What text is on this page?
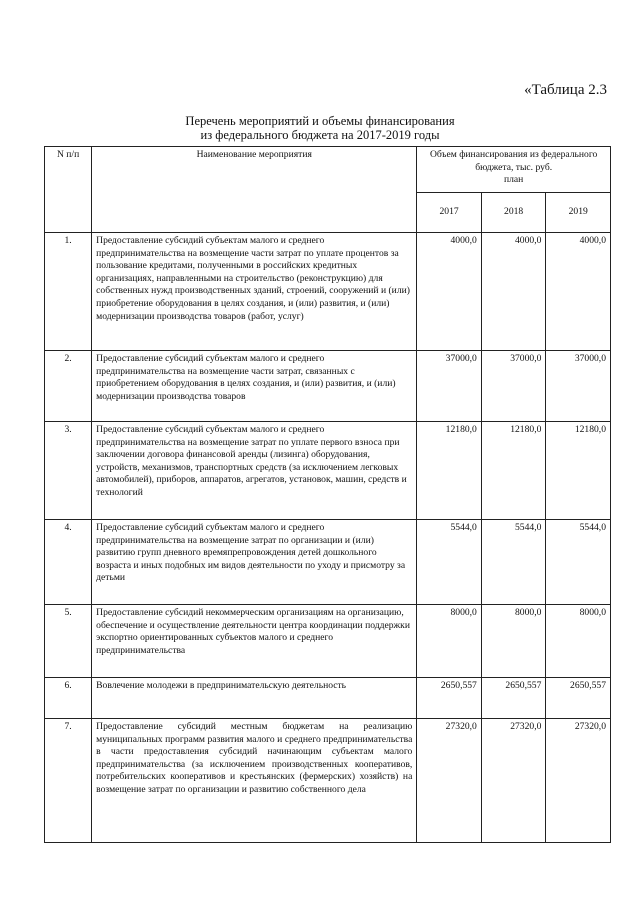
«Таблица 2.3
Перечень мероприятий и объемы финансирования
из федерального бюджета на 2017-2019 годы
N п/п	Наименование мероприятия	Объем финансирования из федерального бюджета, тыс. руб.
план		

		2017	2018	2019
1.	Предоставление субсидий субъектам малого и среднего предпринимательства на возмещение части затрат по уплате процентов за пользование кредитами, полученными в российских кредитных организациях, направленными на строительство (реконструкцию) для собственных нужд производственных зданий, строений, сооружений и (или) приобретение оборудования в целях создания, и (или) развития, и (или) модернизации производства товаров (работ, услуг)	4000,0	4000,0	4000,0
2.	Предоставление субсидий субъектам малого и среднего предпринимательства на возмещение части затрат, связанных с приобретением оборудования в целях создания, и (или) развития, и (или) модернизации производства товаров	37000,0	37000,0	37000,0
3.	Предоставление субсидий субъектам малого и среднего предпринимательства на возмещение затрат по уплате первого взноса при заключении договора финансовой аренды (лизинга) оборудования, устройств, механизмов, транспортных средств (за исключением легковых автомобилей), приборов, аппаратов, агрегатов, установок, машин, средств и технологий	12180,0	12180,0	12180,0
4.	Предоставление субсидий субъектам малого и среднего предпринимательства на возмещение затрат по организации и (или) развитию групп дневного времяпрепровождения детей дошкольного возраста и иных подобных им видов деятельности по уходу и присмотру за детьми	5544,0	5544,0	5544,0
5.	Предоставление субсидий некоммерческим организациям на организацию, обеспечение и осуществление деятельности центра координации поддержки экспортно ориентированных субъектов малого и среднего предпринимательства	8000,0	8000,0	8000,0
6.	Вовлечение молодежи в предпринимательскую деятельность	2650,557	2650,557	2650,557
7.	Предоставление субсидий местным бюджетам на реализацию муниципальных программ развития малого и среднего предпринимательства в части предоставления субсидий начинающим субъектам малого предпринимательства (за исключением производственных кооперативов, потребительских кооперативов и крестьянских (фермерских) хозяйств) на возмещение затрат по организации и развитию собственного дела	27320,0	27320,0	27320,0
